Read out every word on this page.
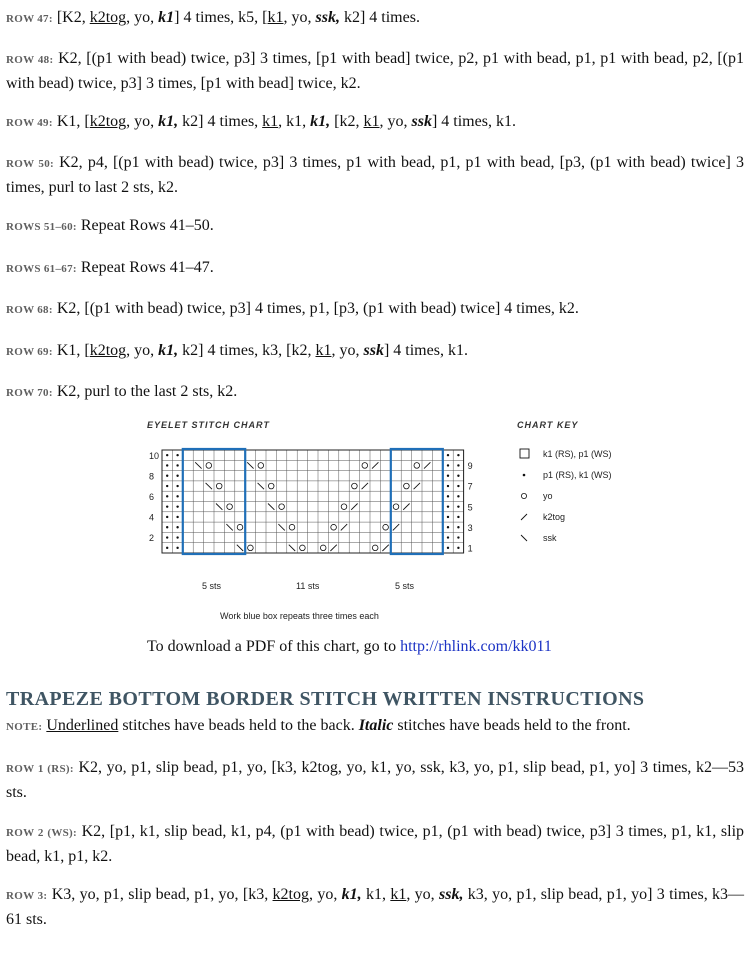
ROW 47: [K2, k2tog, yo, k1] 4 times, k5, [k1, yo, ssk, k2] 4 times.

ROW 48: K2, [(p1 with bead) twice, p3] 3 times, [p1 with bead] twice, p2, p1 with bead, p1, p1 with bead, p2, [(p1 with bead) twice, p3] 3 times, [p1 with bead] twice, k2.

ROW 49: K1, [k2tog, yo, k1, k2] 4 times, k1, k1, k1, [k2, k1, yo, ssk] 4 times, k1.

ROW 50: K2, p4, [(p1 with bead) twice, p3] 3 times, p1 with bead, p1, p1 with bead, [p3, (p1 with bead) twice] 3 times, purl to last 2 sts, k2.

ROWS 51–60: Repeat Rows 41–50.

ROWS 61–67: Repeat Rows 41–47.

ROW 68: K2, [(p1 with bead) twice, p3] 4 times, p1, [p3, (p1 with bead) twice] 4 times, k2.

ROW 69: K1, [k2tog, yo, k1, k2] 4 times, k3, [k2, k1, yo, ssk] 4 times, k1.

ROW 70: K2, purl to the last 2 sts, k2.

EYELET STITCH CHART	CHART KEY
10
8
6
4
2
9
7
5
3
1
k1 (RS), p1 (WS)
p1 (RS), k1 (WS)
yo
k2tog
ssk
5 sts	11 sts	5 sts
Work blue box repeats three times each

To download a PDF of this chart, go to http://rhlink.com/kk011

TRAPEZE BOTTOM BORDER STITCH WRITTEN INSTRUCTIONS

NOTE: Underlined stitches have beads held to the back. Italic stitches have beads held to the front.

ROW 1 (RS): K2, yo, p1, slip bead, p1, yo, [k3, k2tog, yo, k1, yo, ssk, k3, yo, p1, slip bead, p1, yo] 3 times, k2—53 sts.

ROW 2 (WS): K2, [p1, k1, slip bead, k1, p4, (p1 with bead) twice, p1, (p1 with bead) twice, p3] 3 times, p1, k1, slip bead, k1, p1, k2.

ROW 3: K3, yo, p1, slip bead, p1, yo, [k3, k2tog, yo, k1, k1, k1, yo, ssk, k3, yo, p1, slip bead, p1, yo] 3 times, k3—61 sts.
